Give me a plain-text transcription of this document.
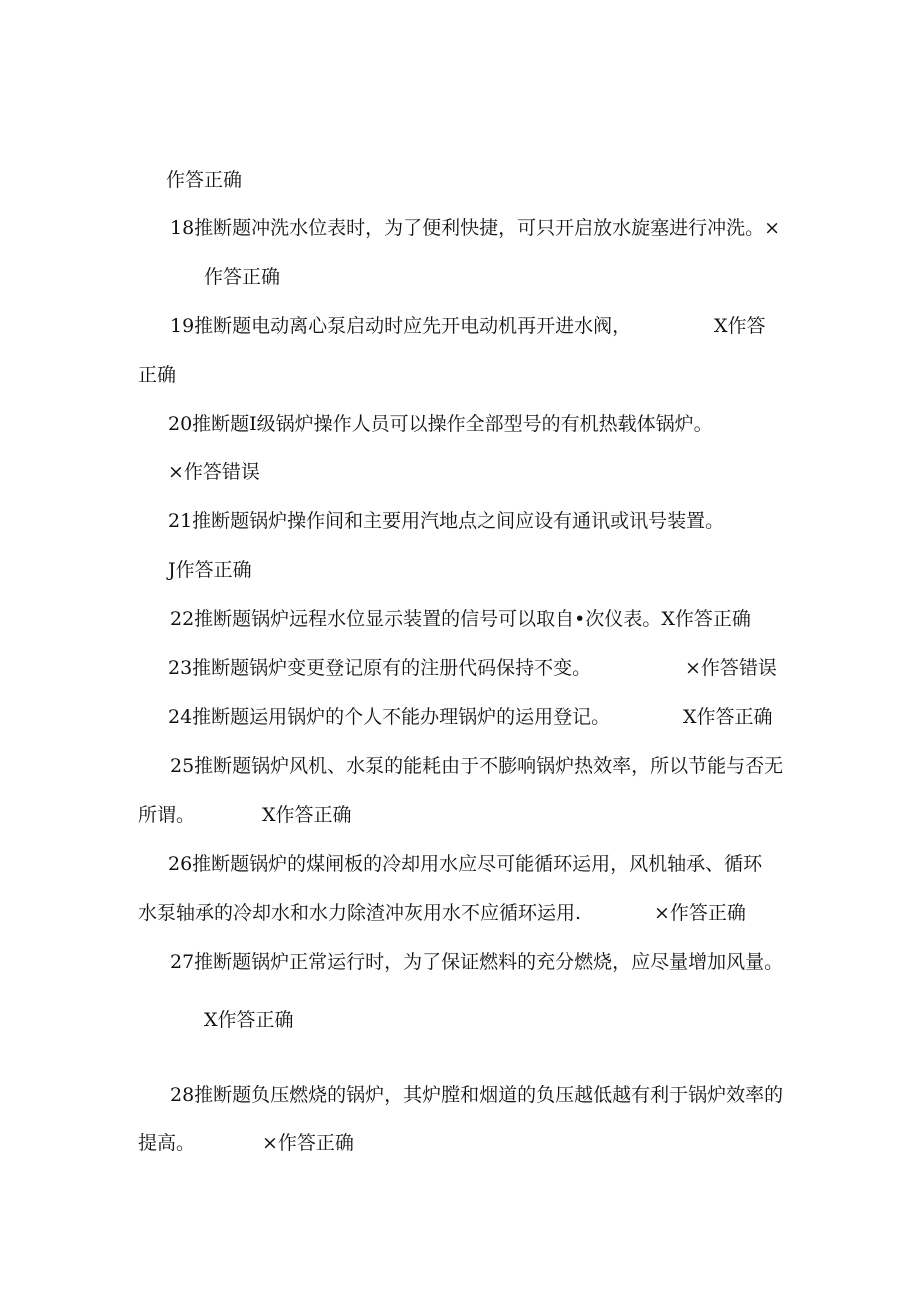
作答正确
18推断题冲洗水位表时，为了便利快捷，可只开启放水旋塞进行冲洗。×
作答正确
19推断题电动离心泵启动时应先开电动机再开进水阀，	X作答
正确
20推断题I级锅炉操作人员可以操作全部型号的有机热载体锅炉。
×作答错误
21推断题锅炉操作间和主要用汽地点之间应设有通讯或讯号装置。
J作答正确
22推断题锅炉远程水位显示装置的信号可以取自•次仪表。X作答正确
23推断题锅炉变更登记原有的注册代码保持不变。	×作答错误
24推断题运用锅炉的个人不能办理锅炉的运用登记。	X作答正确
25推断题锅炉风机、水泵的能耗由于不膨响锅炉热效率，所以节能与否无
所谓。	X作答正确
26推断题锅炉的煤闸板的冷却用水应尽可能循环运用，风机轴承、循环
水泵轴承的冷却水和水力除渣冲灰用水不应循环运用.	×作答正确
27推断题锅炉正常运行时，为了保证燃料的充分燃烧，应尽量增加风量。
X作答正确
28推断题负压燃烧的锅炉，其炉膛和烟道的负压越低越有利于锅炉效率的
提高。	×作答正确
